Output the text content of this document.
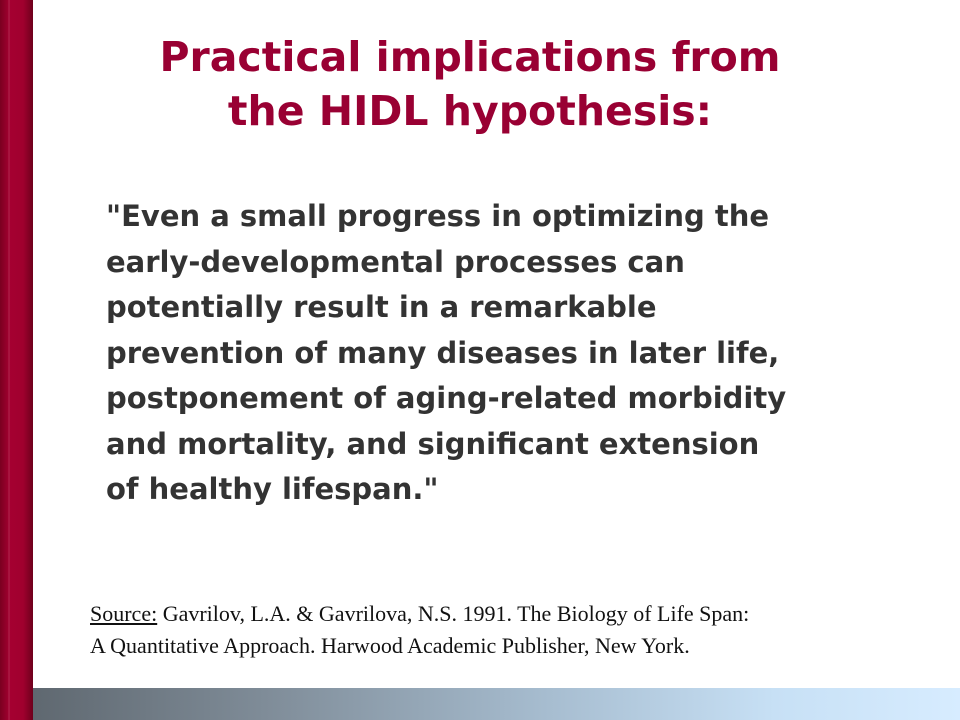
Practical implications from
the HIDL hypothesis:
"Even a small progress in optimizing the
early-developmental processes can
potentially result in a remarkable
prevention of many diseases in later life,
postponement of aging-related morbidity
and mortality, and significant extension
of healthy lifespan."
Source: Gavrilov, L.A. & Gavrilova, N.S. 1991. The Biology of Life Span:
A Quantitative Approach. Harwood Academic Publisher, New York.
